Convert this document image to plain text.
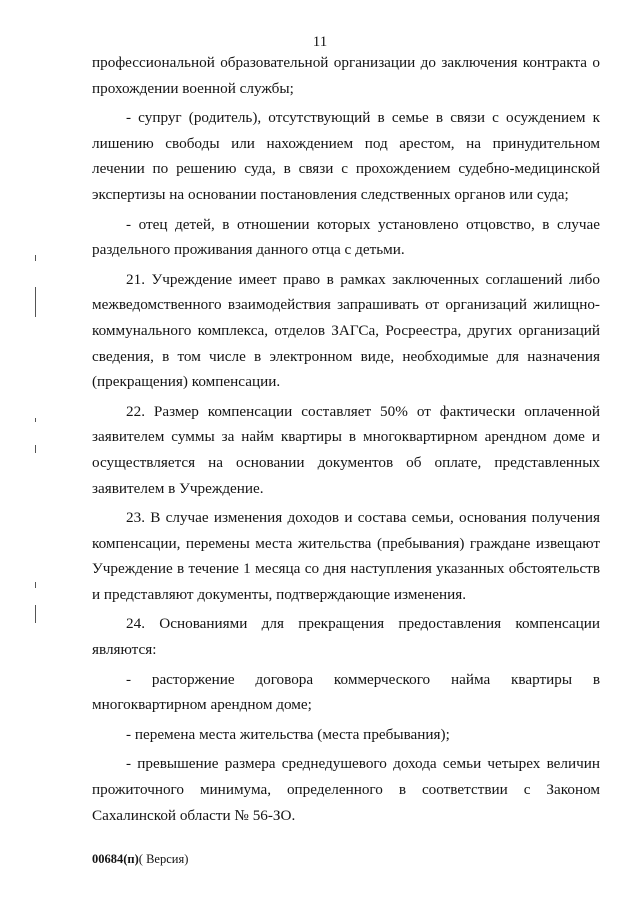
11

профессиональной образовательной организации до заключения контракта о прохождении военной службы;

- супруг (родитель), отсутствующий в семье в связи с осуждением к лишению свободы или нахождением под арестом, на принудительном лечении по решению суда, в связи с прохождением судебно-медицинской экспертизы на основании постановления следственных органов или суда;

- отец детей, в отношении которых установлено отцовство, в случае раздельного проживания данного отца с детьми.

21. Учреждение имеет право в рамках заключенных соглашений либо межведомственного взаимодействия запрашивать от организаций жилищно-коммунального комплекса, отделов ЗАГСа, Росреестра, других организаций сведения, в том числе в электронном виде, необходимые для назначения (прекращения) компенсации.

22. Размер компенсации составляет 50% от фактически оплаченной заявителем суммы за найм квартиры в многоквартирном арендном доме и осуществляется на основании документов об оплате, представленных заявителем в Учреждение.

23. В случае изменения доходов и состава семьи, основания получения компенсации, перемены места жительства (пребывания) граждане извещают Учреждение в течение 1 месяца со дня наступления указанных обстоятельств и представляют документы, подтверждающие изменения.

24. Основаниями для прекращения предоставления компенсации являются:

- расторжение договора коммерческого найма квартиры в многоквартирном арендном доме;

- перемена места жительства (места пребывания);

- превышение размера среднедушевого дохода семьи четырех величин прожиточного минимума, определенного в соответствии с Законом Сахалинской области № 56-ЗО.

00684(п)( Версия)
